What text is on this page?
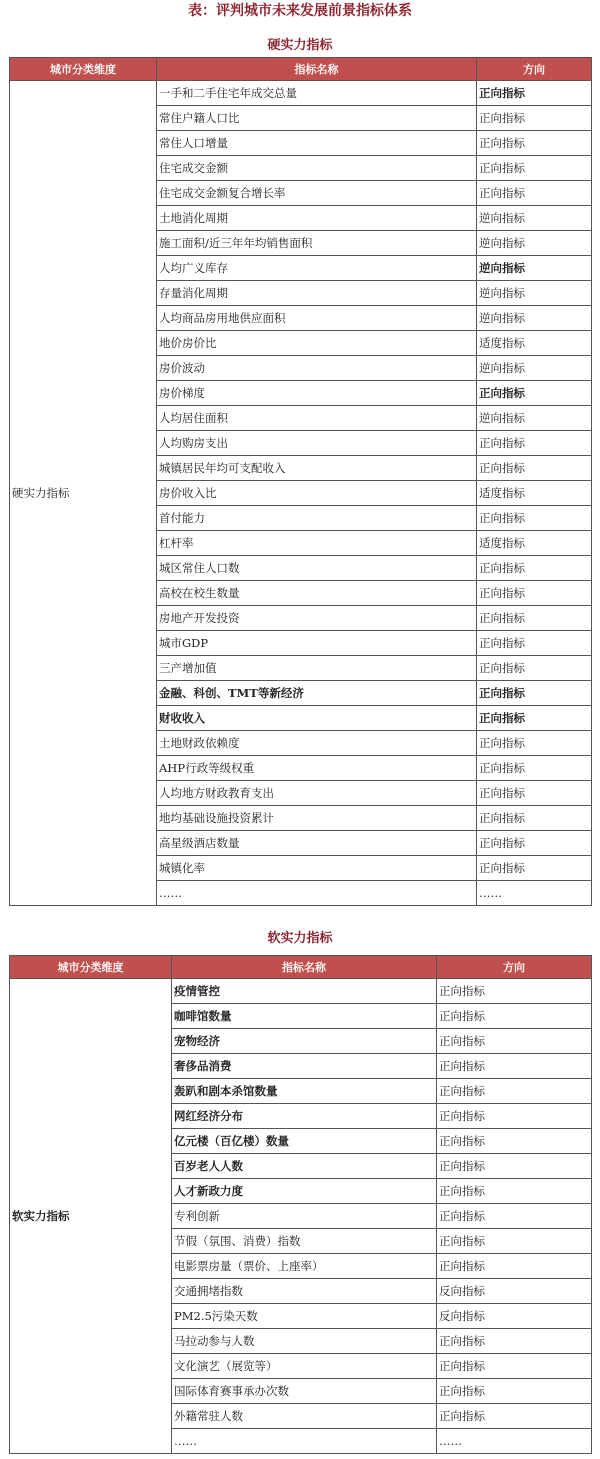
表：评判城市未来发展前景指标体系
硬实力指标
城市分类维度	指标名称	方向
硬实力指标	一手和二手住宅年成交总量	正向指标
	常住户籍人口比	正向指标
	常住人口增量	正向指标
	住宅成交金额	正向指标
	住宅成交金额复合增长率	正向指标
	土地消化周期	逆向指标
	施工面积/近三年年均销售面积	逆向指标
	人均广义库存	逆向指标
	存量消化周期	逆向指标
	人均商品房用地供应面积	逆向指标
	地价房价比	适度指标
	房价波动	逆向指标
	房价梯度	正向指标
	人均居住面积	逆向指标
	人均购房支出	正向指标
	城镇居民年均可支配收入	正向指标
	房价收入比	适度指标
	首付能力	正向指标
	杠杆率	适度指标
	城区常住人口数	正向指标
	高校在校生数量	正向指标
	房地产开发投资	正向指标
	城市GDP	正向指标
	三产增加值	正向指标
	金融、科创、TMT等新经济	正向指标
	财收收入	正向指标
	土地财政依赖度	正向指标
	AHP行政等级权重	正向指标
	人均地方财政教育支出	正向指标
	地均基础设施投资累计	正向指标
	高星级酒店数量	正向指标
	城镇化率	正向指标
	……	……
软实力指标
城市分类维度	指标名称	方向
软实力指标	疫情管控	正向指标
	咖啡馆数量	正向指标
	宠物经济	正向指标
	奢侈品消费	正向指标
	轰趴和剧本杀馆数量	正向指标
	网红经济分布	正向指标
	亿元楼（百亿楼）数量	正向指标
	百岁老人人数	正向指标
	人才新政力度	正向指标
	专利创新	正向指标
	节假（氛围、消费）指数	正向指标
	电影票房量（票价、上座率）	正向指标
	交通拥堵指数	反向指标
	PM2.5污染天数	反向指标
	马拉动参与人数	正向指标
	文化演艺（展览等）	正向指标
	国际体育赛事承办次数	正向指标
	外籍常驻人数	正向指标
	……	……
